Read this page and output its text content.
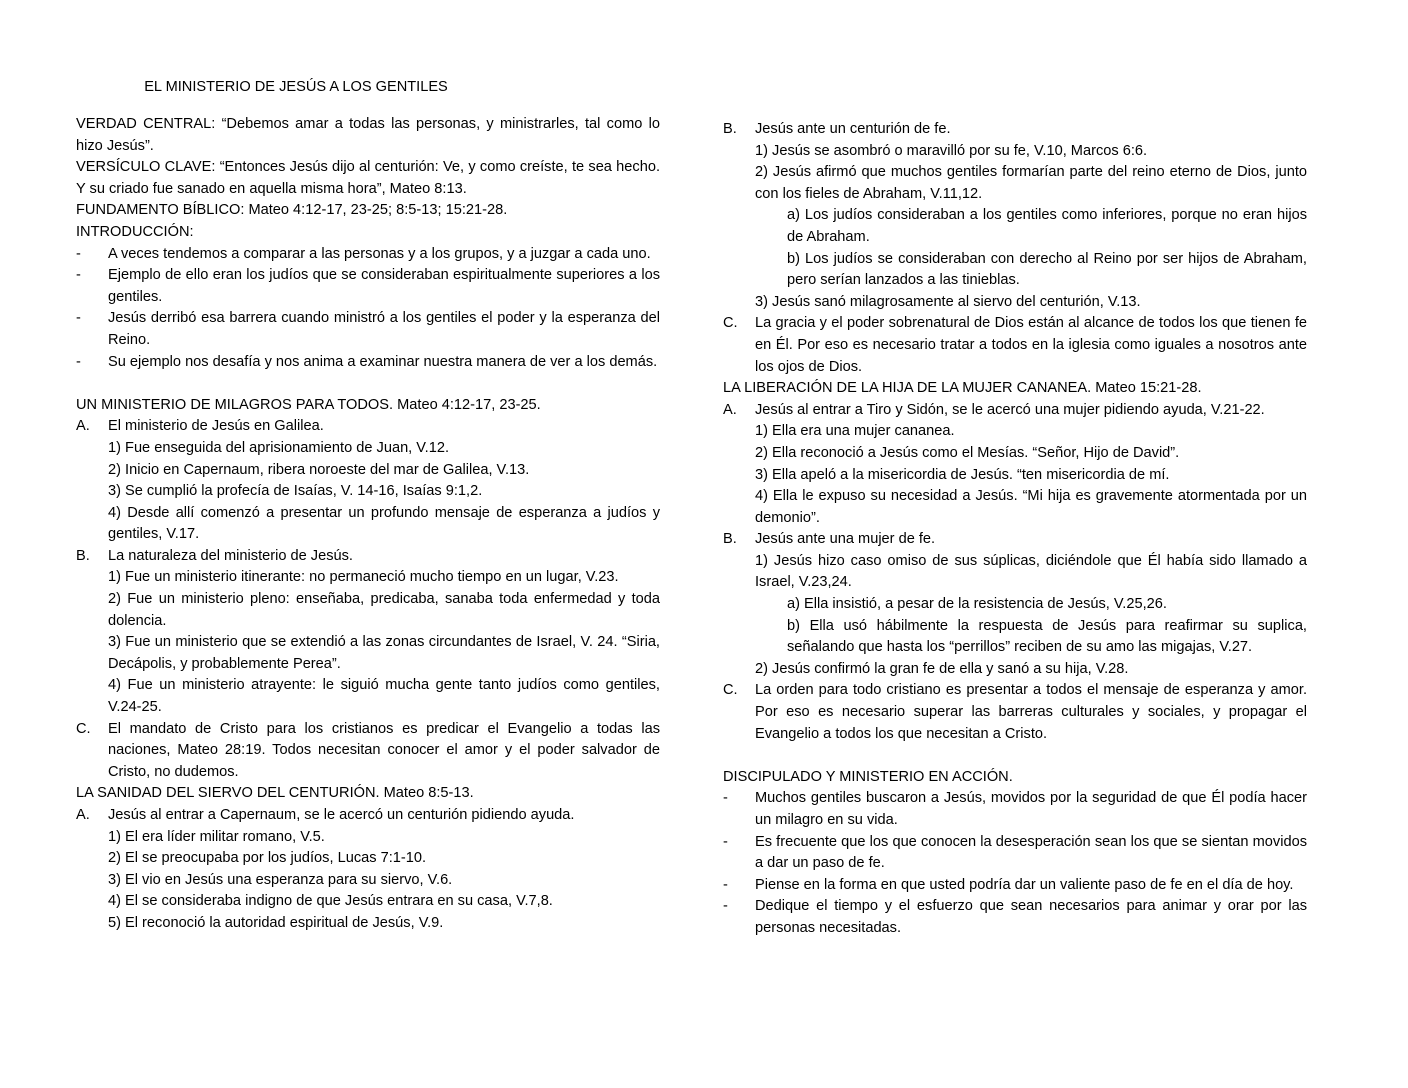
EL MINISTERIO DE JESÚS A LOS GENTILES

VERDAD CENTRAL: “Debemos amar a todas las personas, y ministrarles, tal como lo hizo Jesús”.

VERSÍCULO CLAVE: “Entonces Jesús dijo al centurión: Ve, y como creíste, te sea hecho. Y su criado fue sanado en aquella misma hora”, Mateo 8:13.

FUNDAMENTO BÍBLICO: Mateo 4:12-17, 23-25; 8:5-13; 15:21-28.

INTRODUCCIÓN:

-	A veces tendemos a comparar a las personas y a los grupos, y a juzgar a cada uno.
-	Ejemplo de ello eran los judíos que se consideraban espiritualmente superiores a los gentiles.
-	Jesús derribó esa barrera cuando ministró a los gentiles el poder y la esperanza del Reino.
-	Su ejemplo nos desafía y nos anima a examinar nuestra manera de ver a los demás.

UN MINISTERIO DE MILAGROS PARA TODOS. Mateo 4:12-17, 23-25.

A.	El ministerio de Jesús en Galilea.

1) Fue enseguida del aprisionamiento de Juan, V.12.

2) Inicio en Capernaum, ribera noroeste del mar de Galilea, V.13.

3) Se cumplió la profecía de Isaías, V. 14-16, Isaías 9:1,2.

4) Desde allí comenzó a presentar un profundo mensaje de esperanza a judíos y gentiles, V.17.

B.	La naturaleza del ministerio de Jesús.

1) Fue un ministerio itinerante: no permaneció mucho tiempo en un lugar, V.23.

2) Fue un ministerio pleno: enseñaba, predicaba, sanaba toda enfermedad y toda dolencia.

3) Fue un ministerio que se extendió a las zonas circundantes de Israel, V. 24. “Siria, Decápolis, y probablemente Perea”.

4) Fue un ministerio atrayente: le siguió mucha gente tanto judíos como gentiles, V.24-25.

C.	El mandato de Cristo para los cristianos es predicar el Evangelio a todas las naciones, Mateo 28:19. Todos necesitan conocer el amor y el poder salvador de Cristo, no dudemos.

LA SANIDAD DEL SIERVO DEL CENTURIÓN. Mateo 8:5-13.

A.	Jesús al entrar a Capernaum, se le acercó un centurión pidiendo ayuda.

1) El era líder militar romano, V.5.

2) El se preocupaba por los judíos, Lucas 7:1-10.

3) El vio en Jesús una esperanza para su siervo, V.6.

4) El se consideraba indigno de que Jesús entrara en su casa, V.7,8.

5) El reconoció la autoridad espiritual de Jesús, V.9.

B.	Jesús ante un centurión de fe.

1) Jesús se asombró o maravilló por su fe, V.10, Marcos 6:6.

2) Jesús afirmó que muchos gentiles formarían parte del reino eterno de Dios, junto con los fieles de Abraham, V.11,12.

a) Los judíos consideraban a los gentiles como inferiores, porque no eran hijos de Abraham.

b) Los judíos se consideraban con derecho al Reino por ser hijos de Abraham, pero serían lanzados a las tinieblas.

3) Jesús sanó milagrosamente al siervo del centurión, V.13.

C.	La gracia y el poder sobrenatural de Dios están al alcance de todos los que tienen fe en Él. Por eso es necesario tratar a todos en la iglesia como iguales a nosotros ante los ojos de Dios.

LA LIBERACIÓN DE LA HIJA DE LA MUJER CANANEA. Mateo 15:21-28.

A.	Jesús al entrar a Tiro y Sidón, se le acercó una mujer pidiendo ayuda, V.21-22.

1) Ella era una mujer cananea.

2) Ella reconoció a Jesús como el Mesías. “Señor, Hijo de David”.

3) Ella apeló a la misericordia de Jesús. “ten misericordia de mí.

4) Ella le expuso su necesidad a Jesús. “Mi hija es gravemente atormentada por un demonio”.

B.	Jesús ante una mujer de fe.

1) Jesús hizo caso omiso de sus súplicas, diciéndole que Él había sido llamado a Israel, V.23,24.

a) Ella insistió, a pesar de la resistencia de Jesús, V.25,26.

b) Ella usó hábilmente la respuesta de Jesús para reafirmar su suplica, señalando que hasta los “perrillos” reciben de su amo las migajas, V.27.

2) Jesús confirmó la gran fe de ella y sanó a su hija, V.28.

C.	La orden para todo cristiano es presentar a todos el mensaje de esperanza y amor. Por eso es necesario superar las barreras culturales y sociales, y propagar el Evangelio a todos los que necesitan a Cristo.

DISCIPULADO Y MINISTERIO EN ACCIÓN.

-	Muchos gentiles buscaron a Jesús, movidos por la seguridad de que Él podía hacer un milagro en su vida.
-	Es frecuente que los que conocen la desesperación sean los que se sientan movidos a dar un paso de fe.
-	Piense en la forma en que usted podría dar un valiente paso de fe en el día de hoy.
-	Dedique el tiempo y el esfuerzo que sean necesarios para animar y orar por las personas necesitadas.
